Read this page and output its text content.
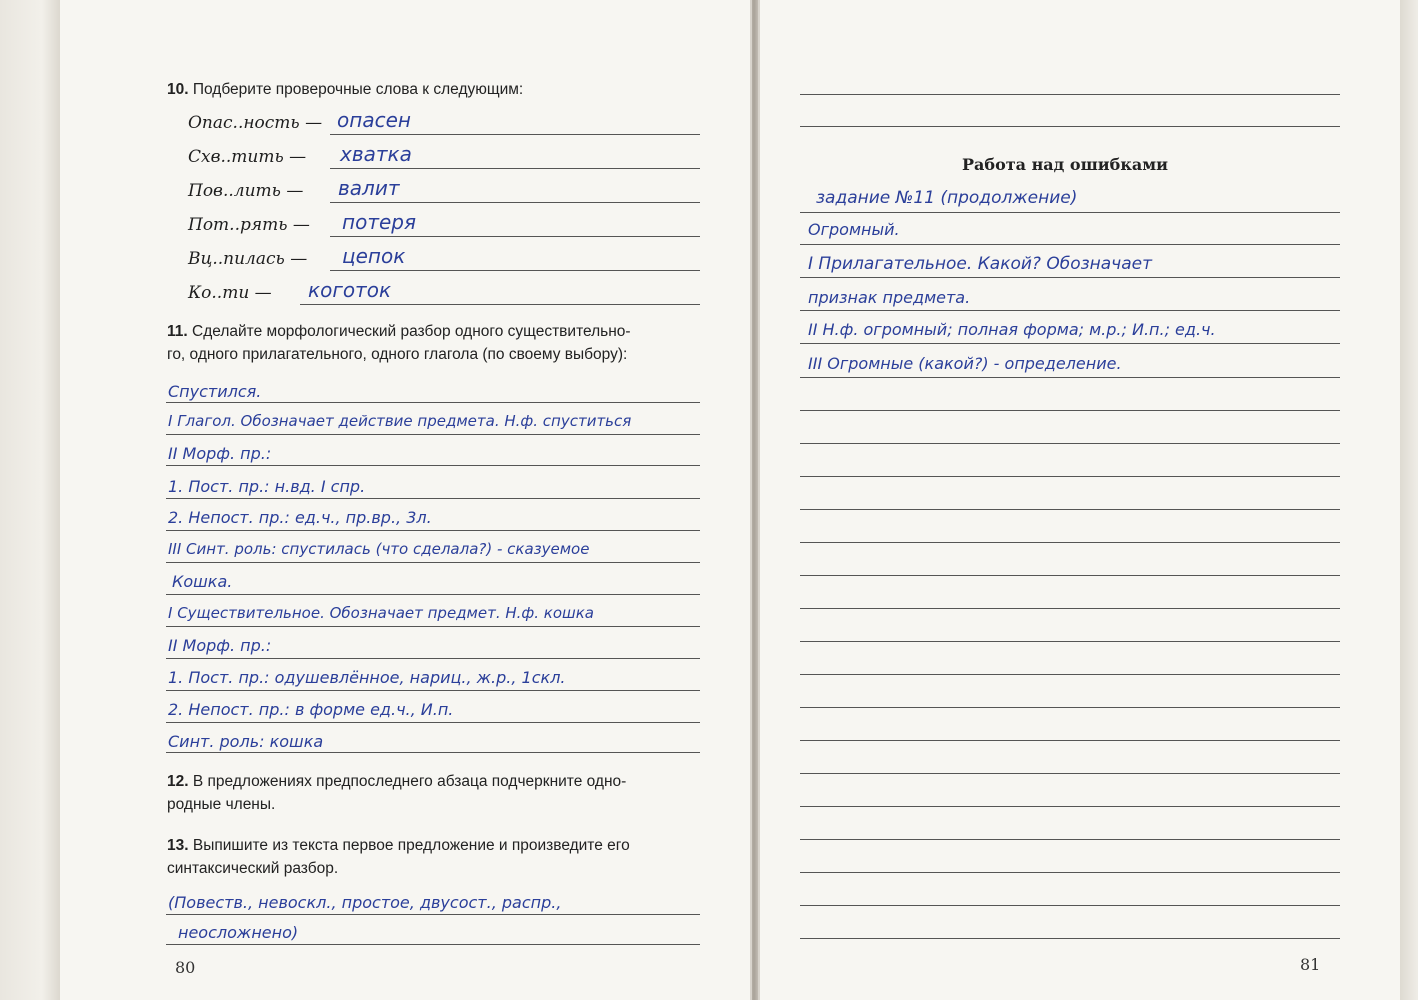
10. Подберите проверочные слова к следующим:
Опас..ность — опасен
Схв..тить — хватка
Пов..лить — валит
Пот..рять — потеря
Вц..пилась — цепок
Ко..ти — коготок
11. Сделайте морфологический разбор одного существительно-
го, одного прилагательного, одного глагола (по своему выбору):
Спустился.
I Глагол. Обозначает действие предмета. Н.ф. спуститься
II Морф. пр.:
1. Пост. пр.: н.вд. I спр.
2. Непост. пр.: ед.ч., пр.вр., 3л.
III Синт. роль: спустилась (что сделала?) - сказуемое
Кошка.
I Существительное. Обозначает предмет. Н.ф. кошка
II Морф. пр.:
1. Пост. пр.: одушевлённое, нариц., ж.р., 1скл.
2. Непост. пр.: в форме ед.ч., И.п.
Синт. роль: кошка
12. В предложениях предпоследнего абзаца подчеркните одно-
родные члены.
13. Выпишите из текста первое предложение и произведите его
синтаксический разбор.
(Повеств., невоскл., простое, двусост., распр.,
неосложнено)
80
Работа над ошибками
задание №11 (продолжение)
Огромный.
I Прилагательное. Какой? Обозначает
признак предмета.
II Н.ф. огромный; полная форма; м.р.; И.п.; ед.ч.
III Огромные (какой?) - определение.
81
